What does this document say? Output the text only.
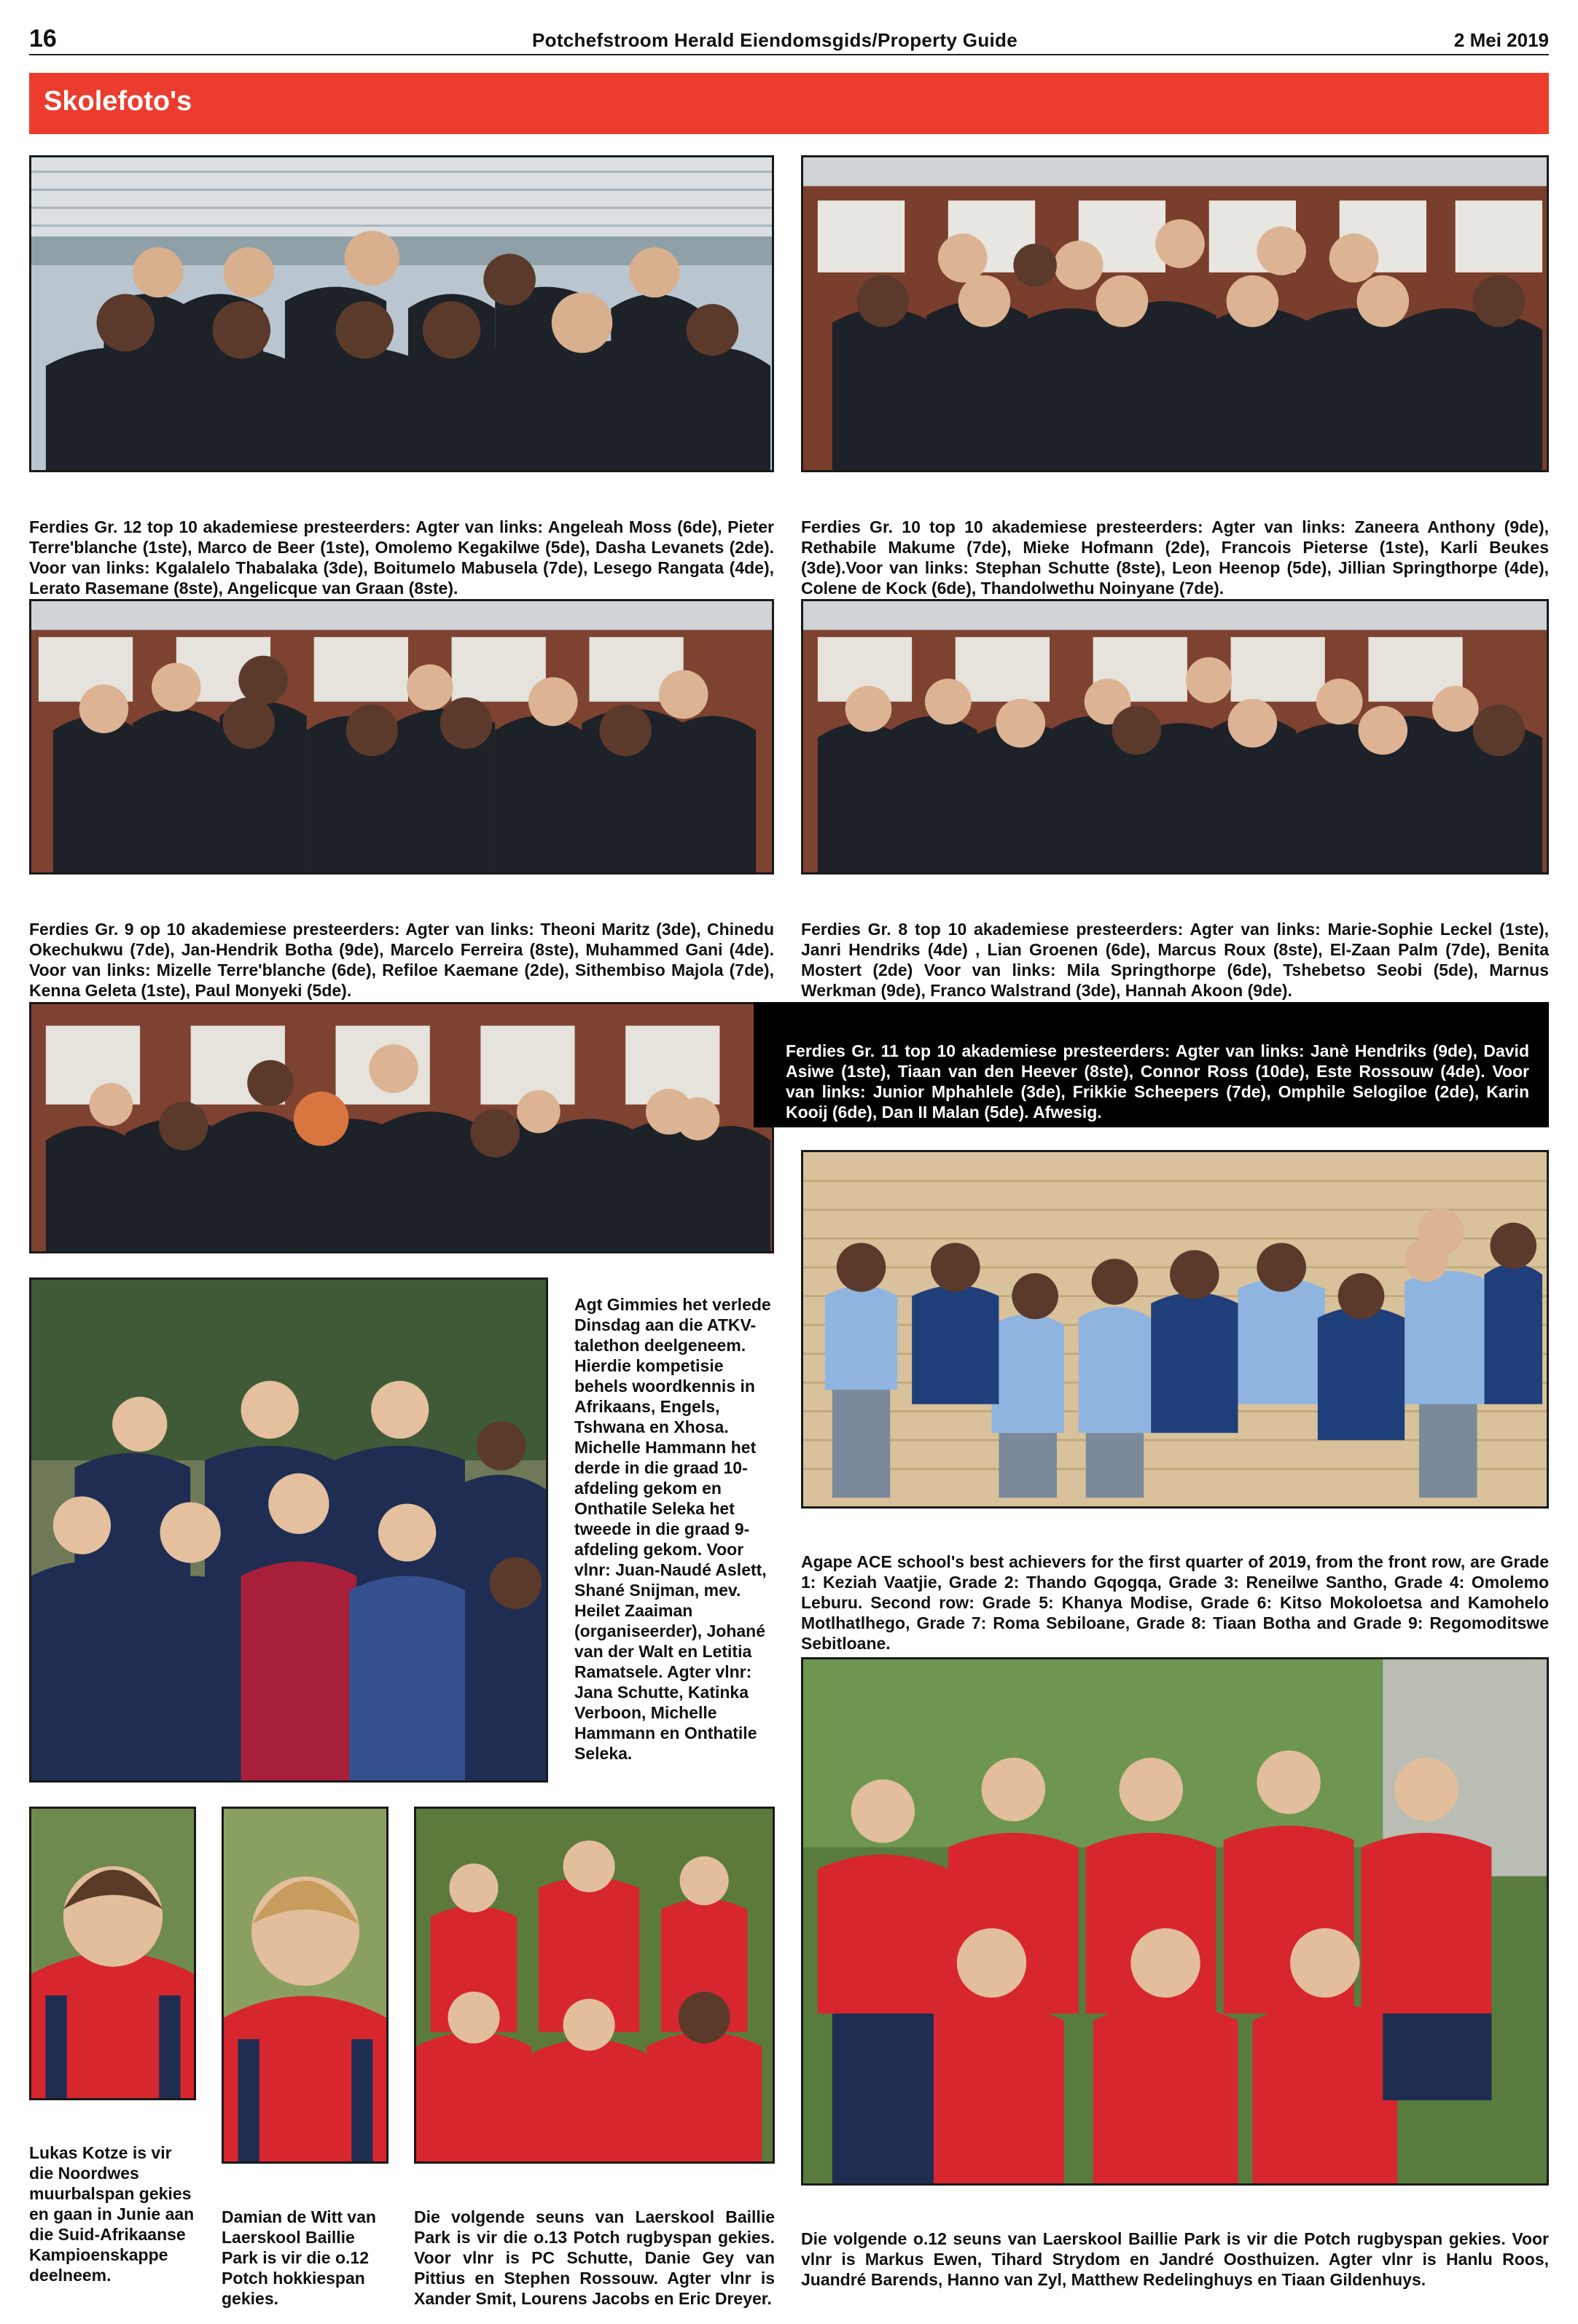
16	Potchefstroom Herald Eiendomsgids/Property Guide	2 Mei 2019
Skolefoto's

Ferdies Gr. 12 top 10 akademiese presteerders: Agter van links: Angeleah Moss (6de), Pieter Terre'blanche (1ste), Marco de Beer (1ste), Omolemo Kegakilwe (5de), Dasha Levanets (2de). Voor van links: Kgalalelo Thabalaka (3de), Boitumelo Mabusela (7de), Lesego Rangata (4de), Lerato Rasemane (8ste), Angelicque van Graan (8ste).

Ferdies Gr. 10 top 10 akademiese presteerders: Agter van links: Zaneera Anthony (9de), Rethabile Makume (7de), Mieke Hofmann (2de), Francois Pieterse (1ste), Karli Beukes (3de).Voor van links: Stephan Schutte (8ste), Leon Heenop (5de), Jillian Springthorpe (4de), Colene de Kock (6de), Thandolwethu Noinyane (7de).

Ferdies Gr. 9 op 10 akademiese presteerders: Agter van links: Theoni Maritz (3de), Chinedu Okechukwu (7de), Jan-Hendrik Botha (9de), Marcelo Ferreira (8ste), Muhammed Gani (4de). Voor van links: Mizelle Terre'blanche (6de), Refiloe Kaemane (2de), Sithembiso Majola (7de), Kenna Geleta (1ste), Paul Monyeki (5de).

Ferdies Gr. 8 top 10 akademiese presteerders: Agter van links: Marie-Sophie Leckel (1ste), Janri Hendriks (4de) , Lian Groenen (6de), Marcus Roux (8ste), El-Zaan Palm (7de), Benita Mostert (2de) Voor van links: Mila Springthorpe (6de), Tshebetso Seobi (5de), Marnus Werkman (9de), Franco Walstrand (3de), Hannah Akoon (9de).

Ferdies Gr. 11 top 10 akademiese presteerders: Agter van links: Janè Hendriks (9de), David Asiwe (1ste), Tiaan van den Heever (8ste), Connor Ross (10de), Este Rossouw (4de). Voor van links: Junior Mphahlele (3de), Frikkie Scheepers (7de), Omphile Selogiloe (2de), Karin Kooij (6de), Dan II Malan (5de). Afwesig.

Agape ACE school's best achievers for the first quarter of 2019, from the front row, are Grade 1: Keziah Vaatjie, Grade 2: Thando Gqogqa, Grade 3: Reneilwe Santho, Grade 4: Omolemo Leburu. Second row: Grade 5: Khanya Modise, Grade 6: Kitso Mokoloetsa and Kamohelo Motlhatlhego, Grade 7: Roma Sebiloane, Grade 8: Tiaan Botha and Grade 9: Regomoditswe Sebitloane.

Agt Gimmies het verlede Dinsdag aan die ATKV-talethon deelgeneem. Hierdie kompetisie behels woordkennis in Afrikaans, Engels, Tshwana en Xhosa. Michelle Hammann het derde in die graad 10-afdeling gekom en Onthatile Seleka het tweede in die graad 9-afdeling gekom. Voor vlnr: Juan-Naudé Aslett, Shané Snijman, mev. Heilet Zaaiman (organiseerder), Johané van der Walt en Letitia Ramatsele. Agter vlnr: Jana Schutte, Katinka Verboon, Michelle Hammann en Onthatile Seleka.

Lukas Kotze is vir die Noordwes muurbalspan gekies en gaan in Junie aan die Suid-Afrikaanse Kampioenskappe deelneem.

Damian de Witt van Laerskool Baillie Park is vir die o.12 Potch hokkiespan gekies.

Die volgende seuns van Laerskool Baillie Park is vir die o.13 Potch rugbyspan gekies. Voor vlnr is PC Schutte, Danie Gey van Pittius en Stephen Rossouw. Agter vlnr is Xander Smit, Lourens Jacobs en Eric Dreyer.

Die volgende o.12 seuns van Laerskool Baillie Park is vir die Potch rugbyspan gekies. Voor vlnr is Markus Ewen, Tihard Strydom en Jandré Oosthuizen. Agter vlnr is Hanlu Roos, Juandré Barends, Hanno van Zyl, Matthew Redelinghuys en Tiaan Gildenhuys.
